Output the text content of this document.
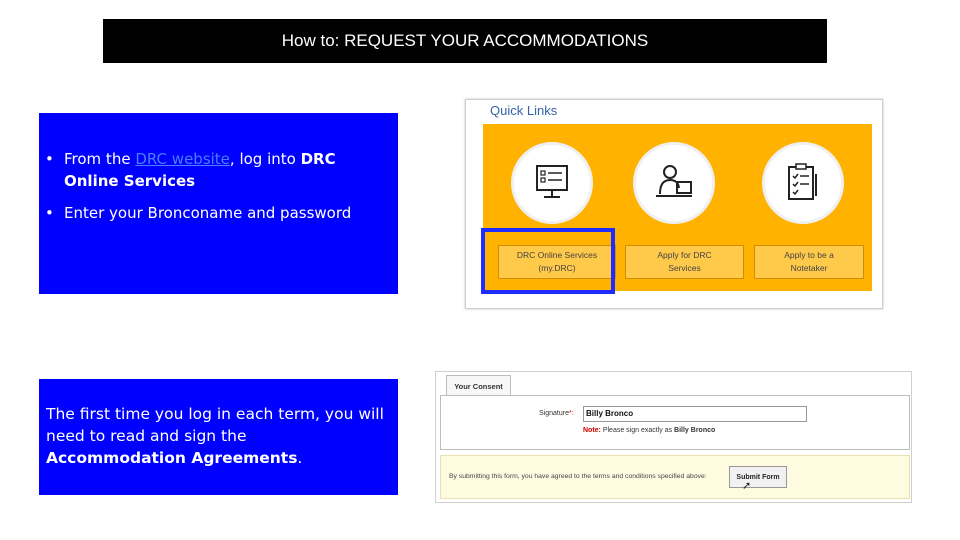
How to: REQUEST YOUR ACCOMMODATIONS
• From the DRC website, log into DRC Online Services
• Enter your Bronconame and password
The first time you log in each term, you will need to read and sign the Accommodation Agreements.
Quick Links
DRC Online Services
(my.DRC)
Apply for DRC
Services
Apply to be a
Notetaker
Your Consent
Signature*:	Billy Bronco
Note: Please sign exactly as Billy Bronco
By submitting this form, you have agreed to the terms and conditions specified above:	Submit Form
➚
